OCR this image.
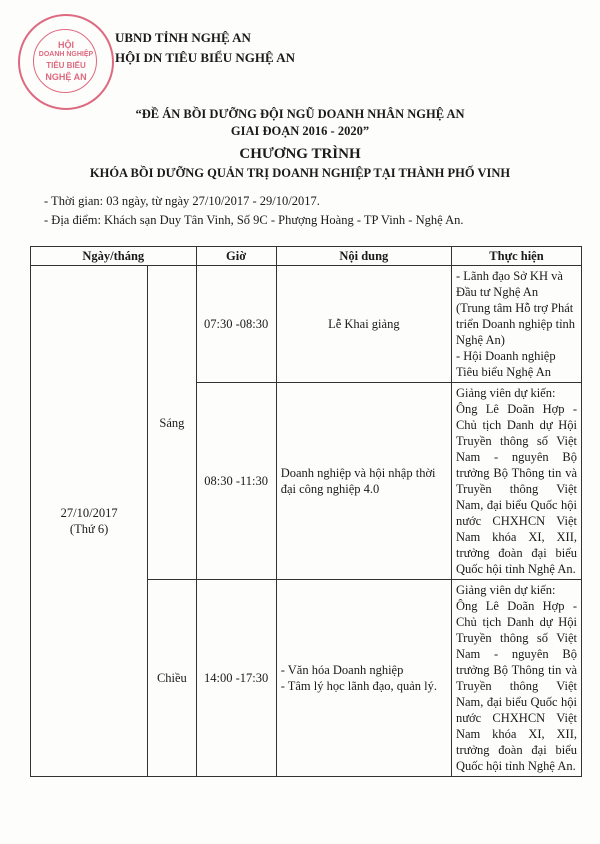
HỘI
DOANH NGHIỆP
TIÊU BIỂU
NGHỆ AN
UBND TỈNH NGHỆ AN
HỘI DN TIÊU BIỂU NGHỆ AN
“ĐỀ ÁN BỒI DƯỠNG ĐỘI NGŨ DOANH NHÂN NGHỆ AN
GIAI ĐOẠN 2016 - 2020”
CHƯƠNG TRÌNH
KHÓA BỒI DƯỠNG QUẢN TRỊ DOANH NGHIỆP TẠI THÀNH PHỐ VINH
- Thời gian: 03 ngày, từ ngày 27/10/2017 - 29/10/2017.
- Địa điểm: Khách sạn Duy Tân Vinh, Số 9C - Phượng Hoàng - TP Vinh - Nghệ An.
Ngày/tháng		Giờ	Nội dung	Thực hiện

27/10/2017
(Thứ 6)	Sáng	07:30 -08:30	Lễ Khai giảng	- Lãnh đạo Sở KH và Đầu tư Nghệ An
(Trung tâm Hỗ trợ Phát triển Doanh nghiệp tỉnh Nghệ An)
- Hội Doanh nghiệp Tiêu biểu Nghệ An

		08:30 -11:30	Doanh nghiệp và hội nhập thời đại công nghiệp 4.0	Giảng viên dự kiến:
Ông Lê Doãn Hợp - Chủ tịch Danh dự Hội Truyền thông số Việt Nam - nguyên Bộ trưởng Bộ Thông tin và Truyền thông Việt Nam, đại biểu Quốc hội nước CHXHCN Việt Nam khóa XI, XII, trưởng đoàn đại biểu Quốc hội tỉnh Nghệ An.

	Chiều	14:00 -17:30	- Văn hóa Doanh nghiệp
- Tâm lý học lãnh đạo, quản lý.	Giảng viên dự kiến:
Ông Lê Doãn Hợp - Chủ tịch Danh dự Hội Truyền thông số Việt Nam - nguyên Bộ trưởng Bộ Thông tin và Truyền thông Việt Nam, đại biểu Quốc hội nước CHXHCN Việt Nam khóa XI, XII, trưởng đoàn đại biểu Quốc hội tỉnh Nghệ An.
